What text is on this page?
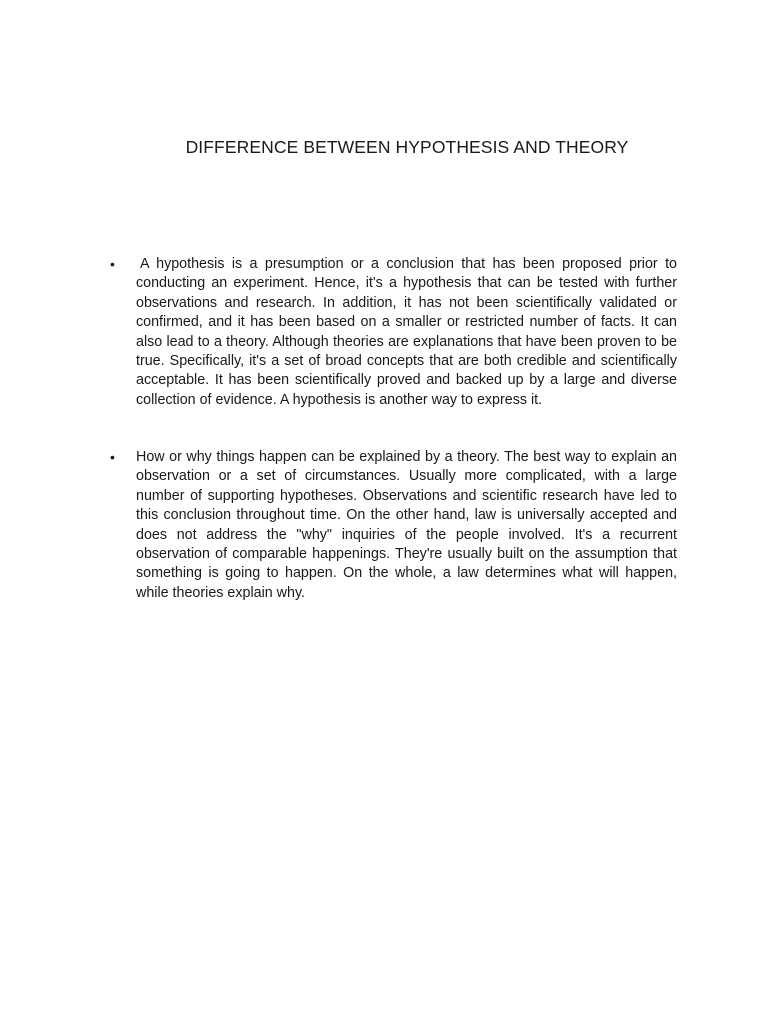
DIFFERENCE BETWEEN HYPOTHESIS AND THEORY
• A hypothesis is a presumption or a conclusion that has been proposed prior to conducting an experiment. Hence, it's a hypothesis that can be tested with further observations and research. In addition, it has not been scientifically validated or confirmed, and it has been based on a smaller or restricted number of facts. It can also lead to a theory. Although theories are explanations that have been proven to be true. Specifically, it's a set of broad concepts that are both credible and scientifically acceptable. It has been scientifically proved and backed up by a large and diverse collection of evidence. A hypothesis is another way to express it.

• How or why things happen can be explained by a theory. The best way to explain an observation or a set of circumstances. Usually more complicated, with a large number of supporting hypotheses. Observations and scientific research have led to this conclusion throughout time. On the other hand, law is universally accepted and does not address the "why" inquiries of the people involved. It's a recurrent observation of comparable happenings. They're usually built on the assumption that something is going to happen. On the whole, a law determines what will happen, while theories explain why.
